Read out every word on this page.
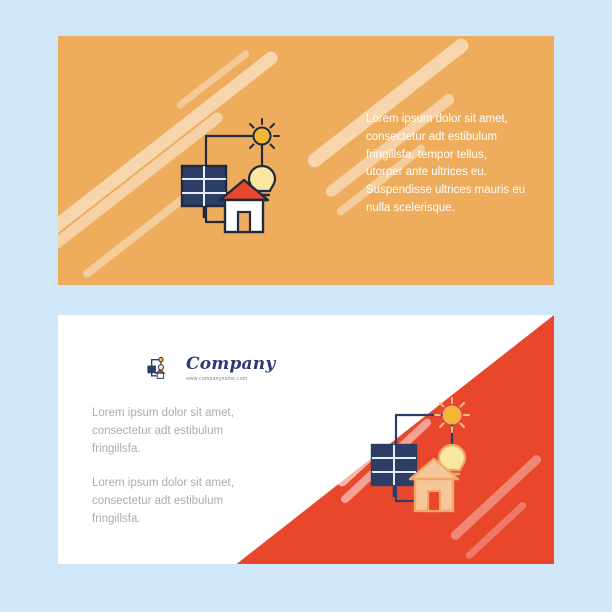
Lorem ipsum dolor sit amet, consectetur adt estibulum fringillsfa. tempor tellus, utorper ante ultrices eu. Suspendisse ultrices mauris eu nulla scelerisque.
Company
www.companyname.com
Lorem ipsum dolor sit amet, consectetur adt estibulum fringillsfa.
Lorem ipsum dolor sit amet, consectetur adt estibulum fringillsfa.
